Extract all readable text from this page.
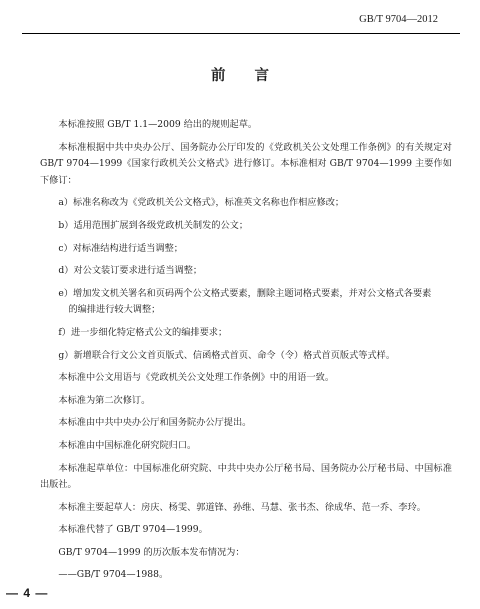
GB/T 9704—2012
前 言

本标准按照 GB/T 1.1—2009 给出的规则起草。

本标准根据中共中央办公厅、国务院办公厅印发的《党政机关公文处理工作条例》的有关规定对 GB/T 9704—1999《国家行政机关公文格式》进行修订。本标准相对 GB/T 9704—1999 主要作如下修订：

a）标准名称改为《党政机关公文格式》，标准英文名称也作相应修改；
b）适用范围扩展到各级党政机关制发的公文；
c）对标准结构进行适当调整；
d）对公文装订要求进行适当调整；
e）增加发文机关署名和页码两个公文格式要素，删除主题词格式要素，并对公文格式各要素
的编排进行较大调整；
f）进一步细化特定格式公文的编排要求；
g）新增联合行文公文首页版式、信函格式首页、命令（令）格式首页版式等式样。

本标准中公文用语与《党政机关公文处理工作条例》中的用语一致。

本标准为第二次修订。

本标准由中共中央办公厅和国务院办公厅提出。

本标准由中国标准化研究院归口。

本标准起草单位：中国标准化研究院、中共中央办公厅秘书局、国务院办公厅秘书局、中国标准出版社。

本标准主要起草人：房庆、杨雯、郭道锋、孙维、马慧、张书杰、徐成华、范一乔、李玲。

本标准代替了 GB/T 9704—1999。

GB/T 9704—1999 的历次版本发布情况为：

——GB/T 9704—1988。

— 4 —
